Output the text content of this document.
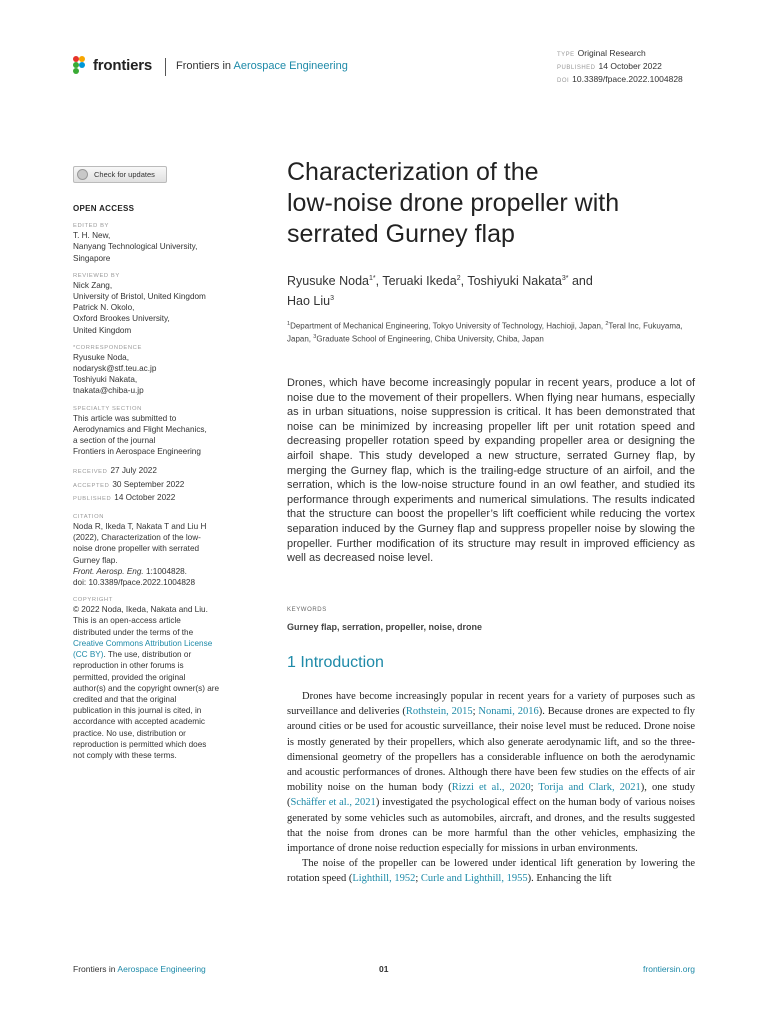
frontiers Frontiers in Aerospace Engineering
TYPE Original Research
PUBLISHED 14 October 2022
DOI 10.3389/fpace.2022.1004828
Check for updates
OPEN ACCESS
EDITED BY
T. H. New,
Nanyang Technological University,
Singapore
REVIEWED BY
Nick Zang,
University of Bristol, United Kingdom
Patrick N. Okolo,
Oxford Brookes University,
United Kingdom
*CORRESPONDENCE
Ryusuke Noda,
nodarysk@stf.teu.ac.jp
Toshiyuki Nakata,
tnakata@chiba-u.jp
SPECIALTY SECTION
This article was submitted to
Aerodynamics and Flight Mechanics,
a section of the journal
Frontiers in Aerospace Engineering
RECEIVED 27 July 2022
ACCEPTED 30 September 2022
PUBLISHED 14 October 2022
CITATION
Noda R, Ikeda T, Nakata T and Liu H
(2022), Characterization of the low-
noise drone propeller with serrated
Gurney flap.
Front. Aerosp. Eng. 1:1004828.
doi: 10.3389/fpace.2022.1004828
COPYRIGHT
© 2022 Noda, Ikeda, Nakata and Liu.
This is an open-access article
distributed under the terms of the
Creative Commons Attribution License
(CC BY). The use, distribution or
reproduction in other forums is
permitted, provided the original
author(s) and the copyright owner(s) are
credited and that the original
publication in this journal is cited, in
accordance with accepted academic
practice. No use, distribution or
reproduction is permitted which does
not comply with these terms.
Characterization of the
low-noise drone propeller with
serrated Gurney flap
Ryusuke Noda$^{1*}$, Teruaki Ikeda$^2$, Toshiyuki Nakata$^{3*}$ and
Hao Liu$^3$
$^1$Department of Mechanical Engineering, Tokyo University of Technology, Hachioji, Japan, $^2$Teral Inc, Fukuyama, Japan, $^3$Graduate School of Engineering, Chiba University, Chiba, Japan
Drones, which have become increasingly popular in recent years, produce a lot of noise due to the movement of their propellers. When flying near humans, especially as in urban situations, noise suppression is critical. It has been demonstrated that noise can be minimized by increasing propeller lift per unit rotation speed and decreasing propeller rotation speed by expanding propeller area or designing the airfoil shape. This study developed a new structure, serrated Gurney flap, by merging the Gurney flap, which is the trailing-edge structure of an airfoil, and the serration, which is the low-noise structure found in an owl feather, and studied its performance through experiments and numerical simulations. The results indicated that the structure can boost the propeller’s lift coefficient while reducing the vortex separation induced by the Gurney flap and suppress propeller noise by slowing the propeller. Further modification of its structure may result in improved efficiency as well as decreased noise level.
KEYWORDS
Gurney flap, serration, propeller, noise, drone
1 Introduction

Drones have become increasingly popular in recent years for a variety of purposes such as surveillance and deliveries (Rothstein, 2015; Nonami, 2016). Because drones are expected to fly around cities or be used for acoustic surveillance, their noise level must be reduced. Drone noise is mostly generated by their propellers, which also generate aerodynamic lift, and so the three-dimensional geometry of the propellers has a considerable influence on both the aerodynamic and acoustic performances of drones. Although there have been few studies on the effects of air mobility noise on the human body (Rizzi et al., 2020; Torija and Clark, 2021), one study (Schäffer et al., 2021) investigated the psychological effect on the human body of various noises generated by some vehicles such as automobiles, aircraft, and drones, and the results suggested that the noise from drones can be more harmful than the other vehicles, emphasizing the importance of drone noise reduction especially for missions in urban environments.

The noise of the propeller can be lowered under identical lift generation by lowering the rotation speed (Lighthill, 1952; Curle and Lighthill, 1955). Enhancing the lift

Frontiers in Aerospace Engineering	01	frontiersin.org
